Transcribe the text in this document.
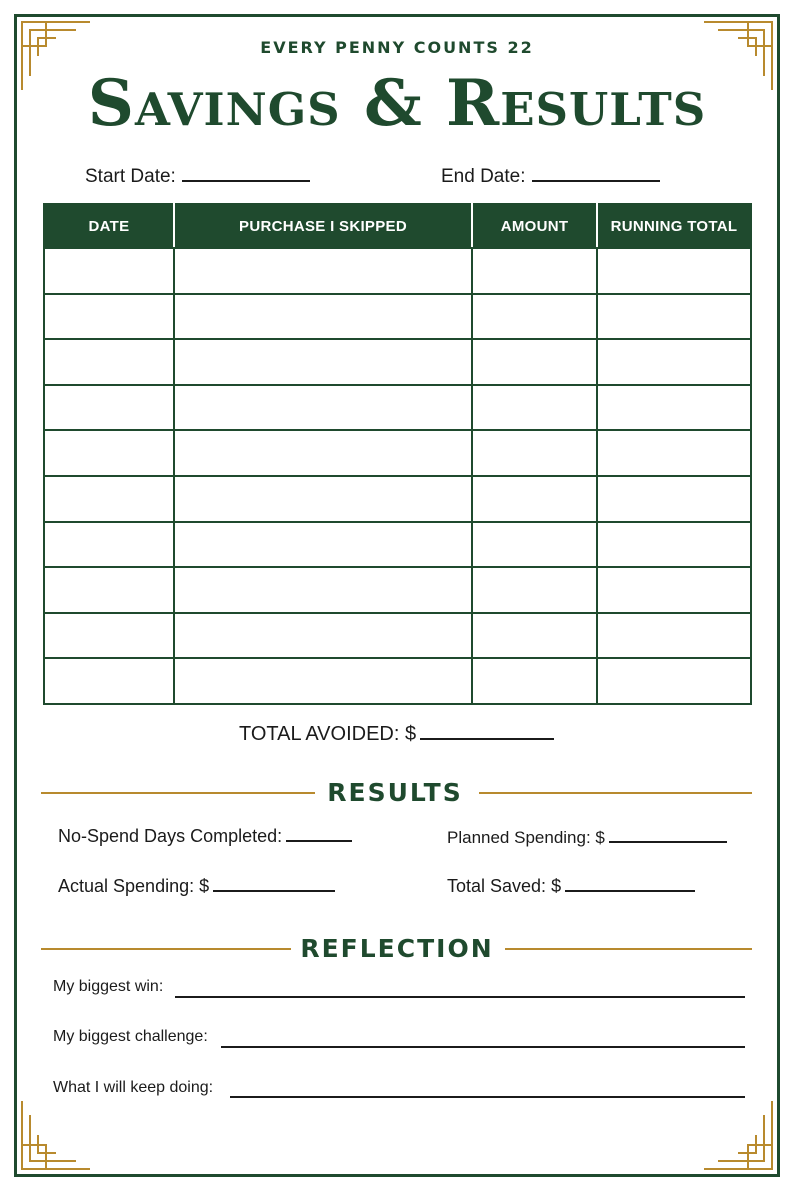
EVERY PENNY COUNTS 22
Savings & Results
Start Date:	End Date:
DATE	PURCHASE I SKIPPED	AMOUNT	RUNNING TOTAL

TOTAL AVOIDED: $
RESULTS
No-Spend Days Completed:	Planned Spending: $
Actual Spending: $	Total Saved: $
REFLECTION
My biggest win:
My biggest challenge:
What I will keep doing:
